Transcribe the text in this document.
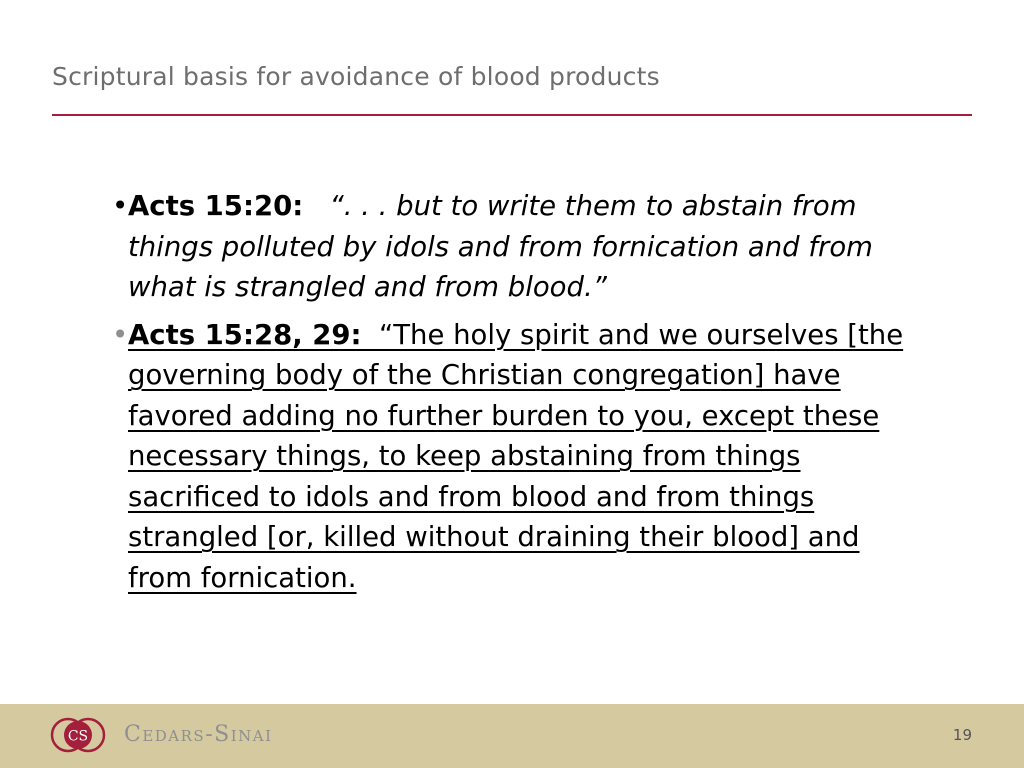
Scriptural basis for avoidance of blood products
• Acts 15:20: “. . . but to write them to abstain from things polluted by idols and from fornication and from what is strangled and from blood.”
• Acts 15:28, 29: “The holy spirit and we ourselves [the governing body of the Christian congregation] have favored adding no further burden to you, except these necessary things, to keep abstaining from things sacrificed to idols and from blood and from things strangled [or, killed without draining their blood] and from fornication.
CS Cedars-Sinai	19
